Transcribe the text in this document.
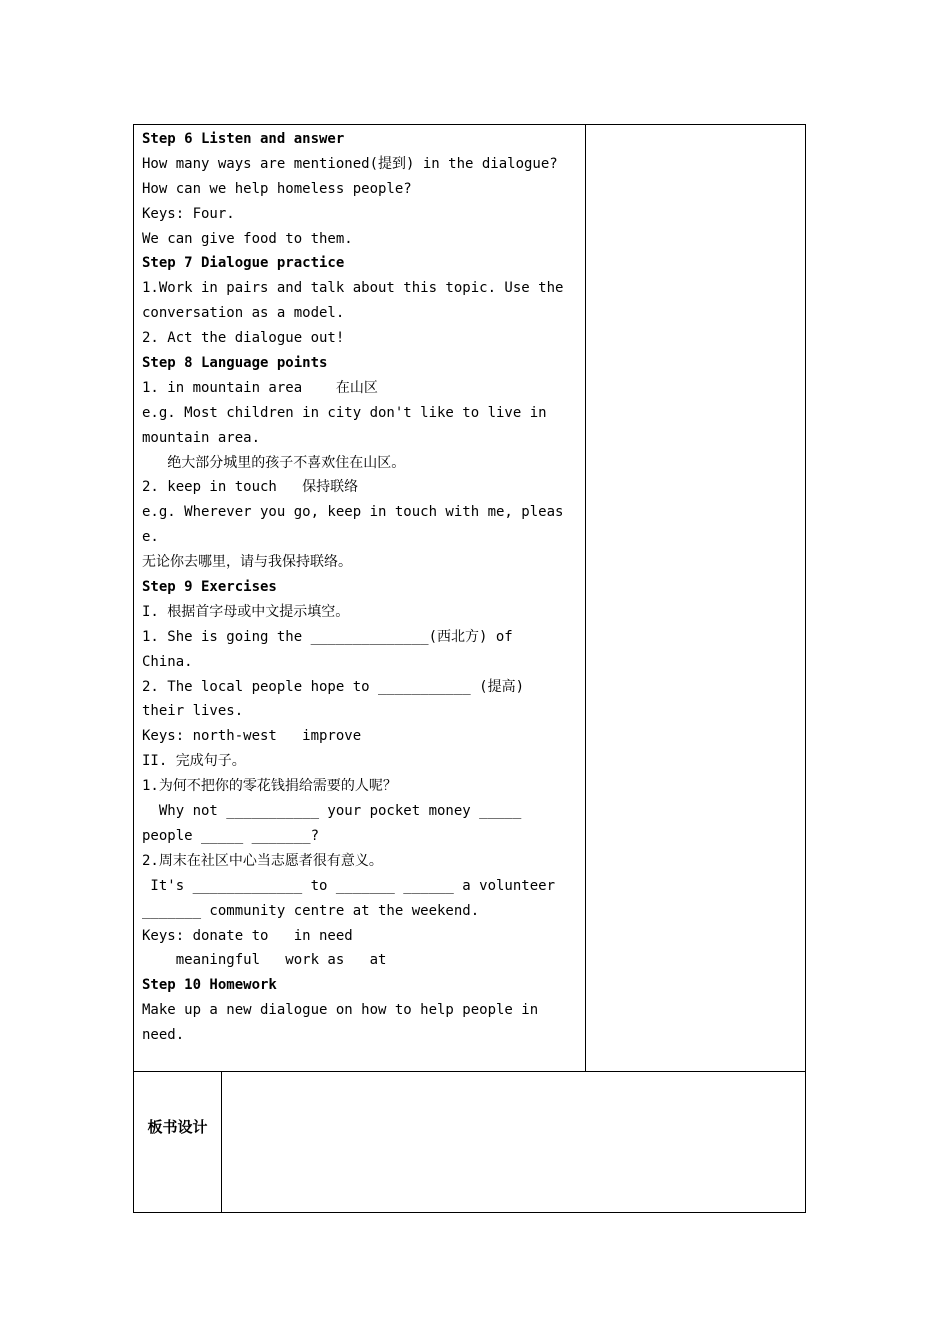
Step 6 Listen and answer
How many ways are mentioned(提到) in the dialogue?
How can we help homeless people?
Keys: Four.
We can give food to them.
Step 7 Dialogue practice
1.Work in pairs and talk about this topic. Use the
conversation as a model.
2. Act the dialogue out!
Step 8 Language points
1. in mountain area    在山区
e.g. Most children in city don't like to live in
mountain area.
绝大部分城里的孩子不喜欢住在山区。
2. keep in touch   保持联络
e.g. Wherever you go, keep in touch with me, pleas
e.
无论你去哪里，请与我保持联络。
Step 9 Exercises
I. 根据首字母或中文提示填空。
1. She is going the ______________(西北方) of
China.
2. The local people hope to ___________ (提高)
their lives.
Keys: north-west   improve
II. 完成句子。
1.为何不把你的零花钱捐给需要的人呢？
Why not ___________ your pocket money _____
people _____ _______?
2.周末在社区中心当志愿者很有意义。
It's _____________ to _______ ______ a volunteer
_______ community centre at the weekend.
Keys: donate to   in need
meaningful   work as   at
Step 10 Homework
Make up a new dialogue on how to help people in
need.
板书设计
